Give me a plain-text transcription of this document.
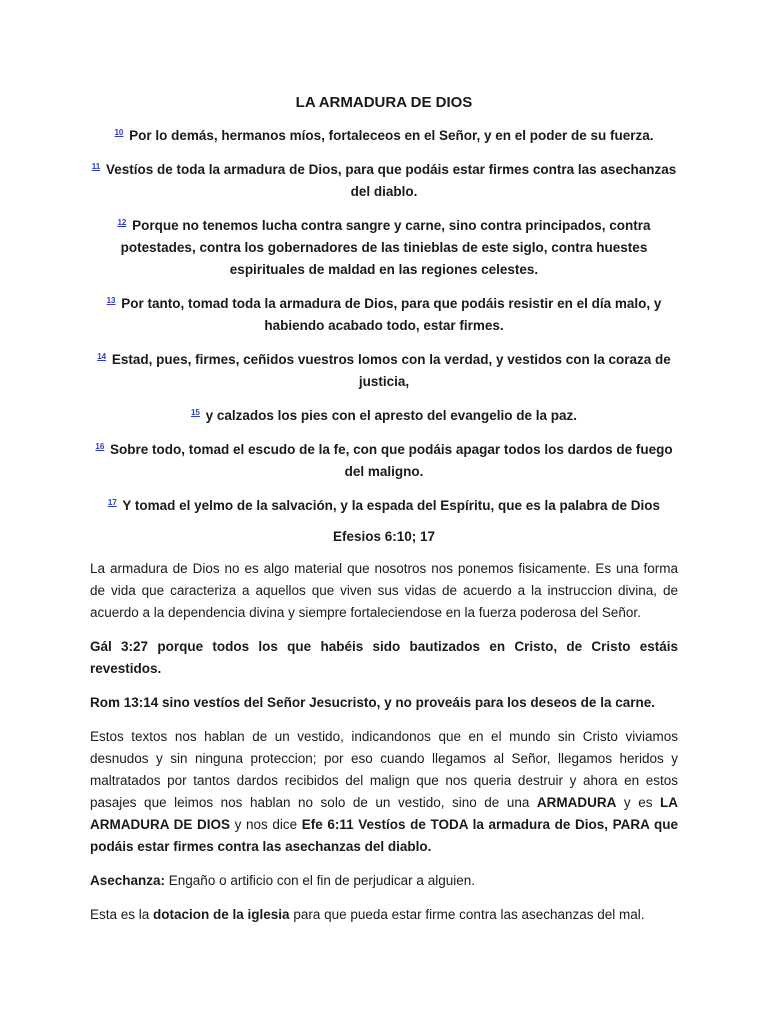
LA ARMADURA DE DIOS

$^{10}$ Por lo demás, hermanos míos, fortaleceos en el Señor, y en el poder de su fuerza.

$^{11}$ Vestíos de toda la armadura de Dios, para que podáis estar firmes contra las asechanzas del diablo.

$^{12}$ Porque no tenemos lucha contra sangre y carne, sino contra principados, contra potestades, contra los gobernadores de las tinieblas de este siglo, contra huestes espirituales de maldad en las regiones celestes.

$^{13}$ Por tanto, tomad toda la armadura de Dios, para que podáis resistir en el día malo, y habiendo acabado todo, estar firmes.

$^{14}$ Estad, pues, firmes, ceñidos vuestros lomos con la verdad, y vestidos con la coraza de justicia,

$^{15}$ y calzados los pies con el apresto del evangelio de la paz.

$^{16}$ Sobre todo, tomad el escudo de la fe, con que podáis apagar todos los dardos de fuego del maligno.

$^{17}$ Y tomad el yelmo de la salvación, y la espada del Espíritu, que es la palabra de Dios

Efesios 6:10; 17

La armadura de Dios no es algo material que nosotros nos ponemos fisicamente. Es una forma de vida que caracteriza a aquellos que viven sus vidas de acuerdo a la instruccion divina, de acuerdo a la dependencia divina y siempre fortaleciendose en la fuerza poderosa del Señor.

Gál 3:27 porque todos los que habéis sido bautizados en Cristo, de Cristo estáis revestidos.

Rom 13:14 sino vestíos del Señor Jesucristo, y no proveáis para los deseos de la carne.

Estos textos nos hablan de un vestido, indicandonos que en el mundo sin Cristo viviamos desnudos y sin ninguna proteccion; por eso cuando llegamos al Señor, llegamos heridos y maltratados por tantos dardos recibidos del malign que nos queria destruir y ahora en estos pasajes que leimos nos hablan no solo de un vestido, sino de una ARMADURA y es LA ARMADURA DE DIOS y nos dice Efe 6:11 Vestíos de TODA la armadura de Dios, PARA que podáis estar firmes contra las asechanzas del diablo.

Asechanza: Engaño o artificio con el fin de perjudicar a alguien.

Esta es la dotacion de la iglesia para que pueda estar firme contra las asechanzas del mal.
